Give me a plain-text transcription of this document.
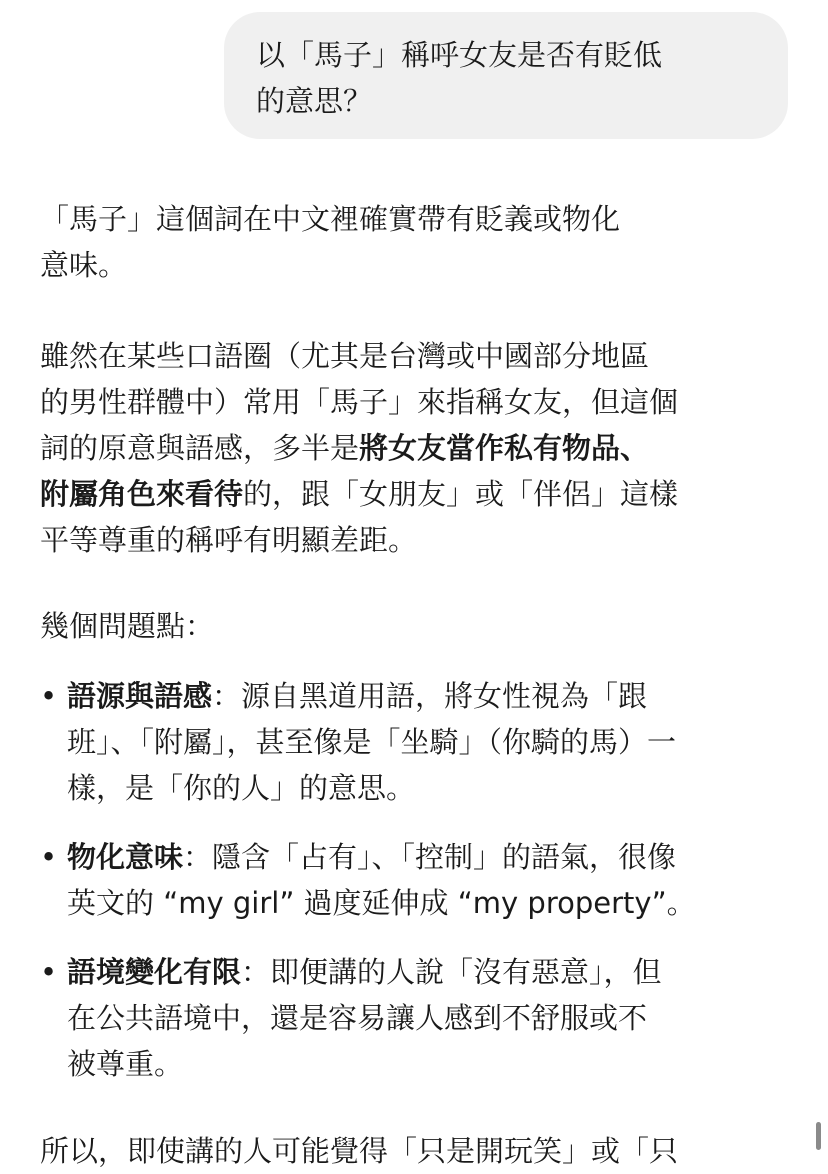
以「馬子」稱呼女友是否有貶低

的意思？

「馬子」這個詞在中文裡確實帶有貶義或物化
意味。

雖然在某些口語圈（尤其是台灣或中國部分地區
的男性群體中）常用「馬子」來指稱女友，但這個
詞的原意與語感，多半是將女友當作私有物品、
附屬角色來看待的，跟「女朋友」或「伴侶」這樣
平等尊重的稱呼有明顯差距。

幾個問題點：

• 語源與語感：源自黑道用語，將女性視為「跟
班」、「附屬」，甚至像是「坐騎」（你騎的馬）一
樣，是「你的人」的意思。
• 物化意味：隱含「占有」、「控制」的語氣，很像
英文的 “my girl” 過度延伸成 “my property”。
• 語境變化有限：即便講的人說「沒有惡意」，但
在公共語境中，還是容易讓人感到不舒服或不
被尊重。
所以，即使講的人可能覺得「只是開玩笑」或「只
